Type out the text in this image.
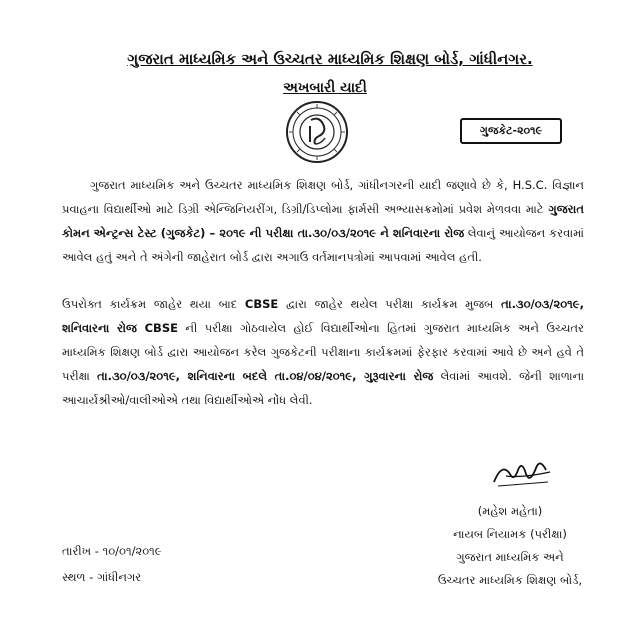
ગુજરાત માધ્યમિક અને ઉચ્ચતર માધ્યમિક શિક્ષણ બોર્ડ, ગાંધીનગર.
અખબારી યાદી
ગુજકેટ-૨૦૧૯

ગુજરાત માધ્યમિક અને ઉચ્ચતર માધ્યમિક શિક્ષણ બોર્ડ, ગાંધીનગરની યાદી જણાવે છે કે, H.S.C. વિજ્ઞાન પ્રવાહના વિદ્યાર્થીઓ માટે ડિગ્રી એન્જિનિયરીંગ, ડિગ્રી/ડિપ્લોમા ફાર્મસી અભ્યાસક્રમોમાં પ્રવેશ મેળવવા માટે ગુજરાત કોમન એન્ટ્રન્સ ટેસ્ટ (ગુજકેટ) – ૨૦૧૯ ની પરીક્ષા તા.૩૦/૦૩/૨૦૧૯ ને શનિવારના રોજ લેવાનું આયોજન કરવામાં આવેલ હતું અને તે અંગેની જાહેરાત બોર્ડ દ્વારા અગાઉ વર્તમાનપત્રોમાં આપવામાં આવેલ હતી.

ઉપરોક્ત કાર્યક્રમ જાહેર થયા બાદ CBSE દ્વારા જાહેર થયેલ પરીક્ષા કાર્યક્રમ મુજબ તા.૩૦/૦૩/૨૦૧૯, શનિવારના રોજ CBSE ની પરીક્ષા ગોઠવાયેલ હોઈ વિદ્યાર્થીઓના હિતમાં ગુજરાત માધ્યમિક અને ઉચ્ચતર માધ્યમિક શિક્ષણ બોર્ડ દ્વારા આયોજન કરેલ ગુજકેટની પરીક્ષાના કાર્યક્રમમાં ફેરફાર કરવામાં આવે છે અને હવે તે પરીક્ષા તા.૩૦/૦૩/૨૦૧૯, શનિવારના બદલે તા.૦૪/૦૪/૨૦૧૯, ગુરૂવારના રોજ લેવામાં આવશે. જેની શાળાના આચાર્યશ્રીઓ/વાલીઓએ તથા વિદ્યાર્થીઓએ નોંધ લેવી.

(મહેશ મહેતા)
નાયબ નિયામક (પરીક્ષા)
ગુજરાત માધ્યમિક અને
ઉચ્ચતર માધ્યમિક શિક્ષણ બોર્ડ,
તારીખ - ૧૦/૦૧/૨૦૧૯
સ્થળ - ગાંધીનગર
